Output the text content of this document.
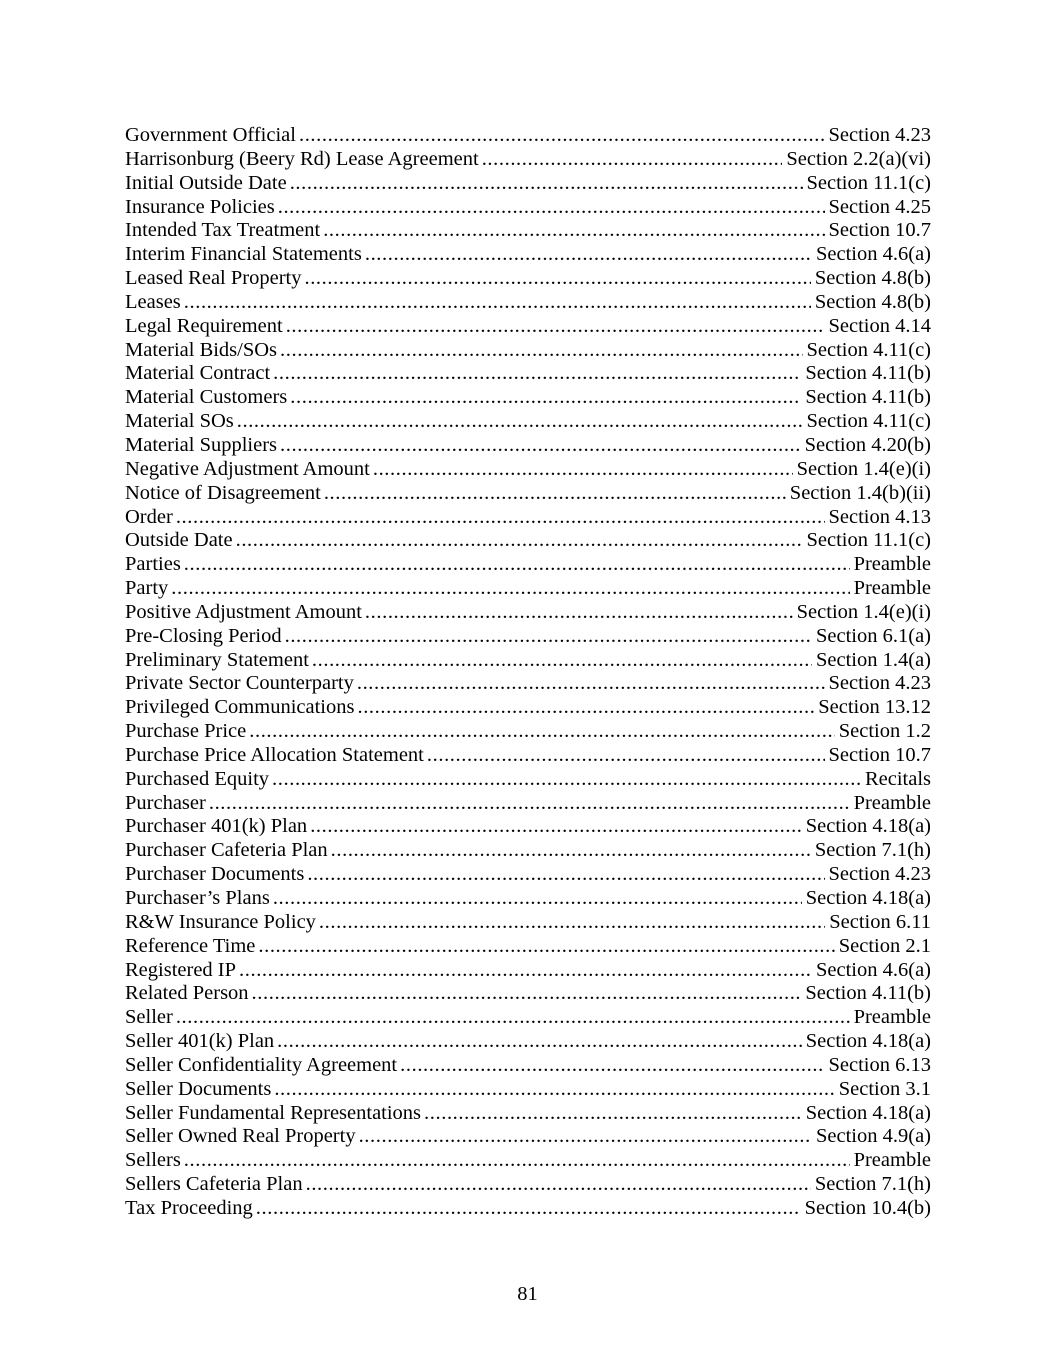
Government Official .....	Section 4.23
Harrisonburg (Beery Rd) Lease Agreement .....	Section 2.2(a)(vi)
Initial Outside Date .....	Section 11.1(c)
Insurance Policies .....	Section 4.25
Intended Tax Treatment .....	Section 10.7
Interim Financial Statements .....	Section 4.6(a)
Leased Real Property .....	Section 4.8(b)
Leases .....	Section 4.8(b)
Legal Requirement .....	Section 4.14
Material Bids/SOs .....	Section 4.11(c)
Material Contract .....	Section 4.11(b)
Material Customers .....	Section 4.11(b)
Material SOs .....	Section 4.11(c)
Material Suppliers .....	Section 4.20(b)
Negative Adjustment Amount .....	Section 1.4(e)(i)
Notice of Disagreement .....	Section 1.4(b)(ii)
Order .....	Section 4.13
Outside Date .....	Section 11.1(c)
Parties .....	Preamble
Party .....	Preamble
Positive Adjustment Amount .....	Section 1.4(e)(i)
Pre-Closing Period .....	Section 6.1(a)
Preliminary Statement .....	Section 1.4(a)
Private Sector Counterparty .....	Section 4.23
Privileged Communications .....	Section 13.12
Purchase Price .....	Section 1.2
Purchase Price Allocation Statement .....	Section 10.7
Purchased Equity .....	Recitals
Purchaser .....	Preamble
Purchaser 401(k) Plan .....	Section 4.18(a)
Purchaser Cafeteria Plan .....	Section 7.1(h)
Purchaser Documents .....	Section 4.23
Purchaser’s Plans .....	Section 4.18(a)
R&W Insurance Policy .....	Section 6.11
Reference Time .....	Section 2.1
Registered IP .....	Section 4.6(a)
Related Person .....	Section 4.11(b)
Seller .....	Preamble
Seller 401(k) Plan .....	Section 4.18(a)
Seller Confidentiality Agreement .....	Section 6.13
Seller Documents .....	Section 3.1
Seller Fundamental Representations .....	Section 4.18(a)
Seller Owned Real Property .....	Section 4.9(a)
Sellers .....	Preamble
Sellers Cafeteria Plan .....	Section 7.1(h)
Tax Proceeding .....	Section 10.4(b)
81
